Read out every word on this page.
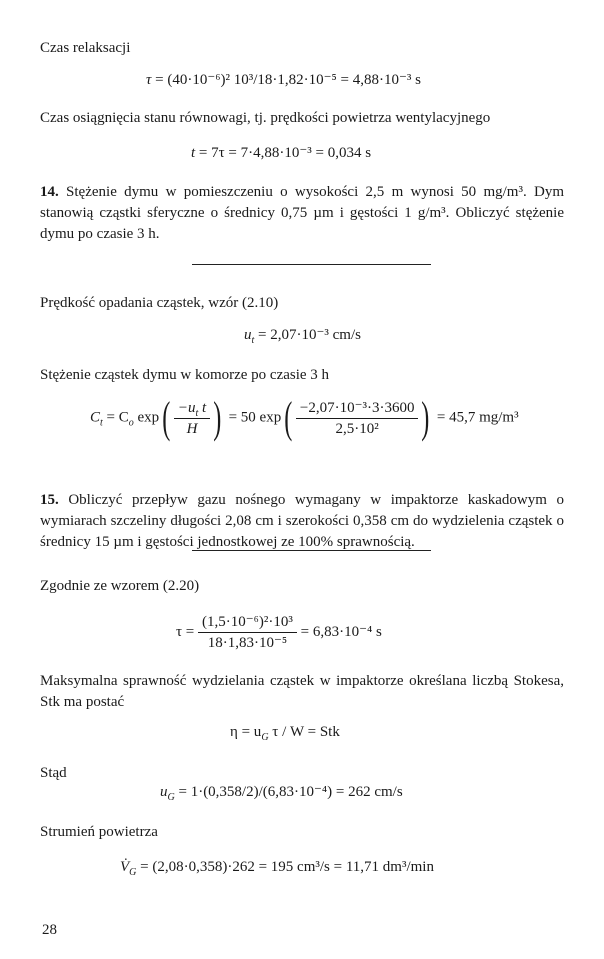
Czas relaksacji
τ = (40·10⁻⁶)² 10³/18·1,82·10⁻⁵ = 4,88·10⁻³ s
Czas osiągnięcia stanu równowagi, tj. prędkości powietrza wentylacyjnego
t = 7τ = 7·4,88·10⁻³ = 0,034 s
14. Stężenie dymu w pomieszczeniu o wysokości 2,5 m wynosi 50 mg/m³. Dym stanowią cząstki sferyczne o średnicy 0,75 µm i gęstości 1 g/m³. Obliczyć stężenie dymu po czasie 3 h.
Prędkość opadania cząstek, wzór (2.10)
$u_t = 2,07\cdot 10^{-3}$ cm/s
Stężenie cząstek dymu w komorze po czasie 3 h
$C_t = C_o$ $\exp( \frac{-u_t t}{H}$ ) = 50 $\exp( \frac{\text{−2,07·10⁻³·3·3600}}{\text{2,5·10²}}$ ) = 45,7 mg/m³
15. Obliczyć przepływ gazu nośnego wymagany w impaktorze kaskadowym o wymiarach szczeliny długości 2,08 cm i szerokości 0,358 cm do wydzielenia cząstek o średnicy 15 µm i gęstości jednostkowej ze 100% sprawnością.
Zgodnie ze wzorem (2.20)
$\tau = \frac{\text{(1,5·10⁻⁶)²·10³}}{\text{18·1,83·10⁻⁵}} = 6,83\cdot 10^{-4}$ s
Maksymalna sprawność wydzielania cząstek w impaktorze określana liczbą Stokesa, Stk ma postać
$\eta = u_G$ τ / W = Stk
Stąd
$u_G = 1\cdot(0,358/2)/(6,83\cdot 10^{-4}) = 262$ cm/s
Strumień powietrza
$V̇_G = (2,08\cdot 0,358)\cdot 262 = 195$ cm³/s = 11,71 dm³/min
28
